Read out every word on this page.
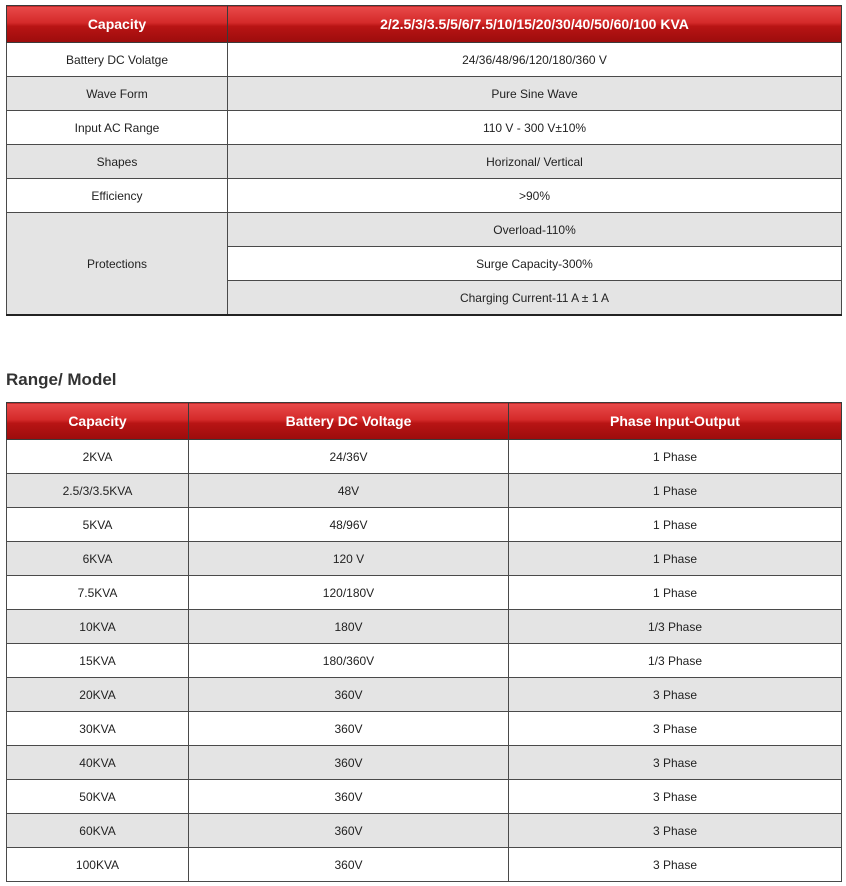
Capacity	2/2.5/3/3.5/5/6/7.5/10/15/20/30/40/50/60/100 KVA
Battery DC Volatge	24/36/48/96/120/180/360 V
Wave Form	Pure Sine Wave
Input AC Range	110 V - 300 V±10%
Shapes	Horizonal/ Vertical
Efficiency	>90%
Protections	Overload-110%
	Surge Capacity-300%
	Charging Current-11 A ± 1 A
Range/ Model
Capacity	Battery DC Voltage	Phase Input-Output
2KVA	24/36V	1 Phase
2.5/3/3.5KVA	48V	1 Phase
5KVA	48/96V	1 Phase
6KVA	120 V	1 Phase
7.5KVA	120/180V	1 Phase
10KVA	180V	1/3 Phase
15KVA	180/360V	1/3 Phase
20KVA	360V	3 Phase
30KVA	360V	3 Phase
40KVA	360V	3 Phase
50KVA	360V	3 Phase
60KVA	360V	3 Phase
100KVA	360V	3 Phase
